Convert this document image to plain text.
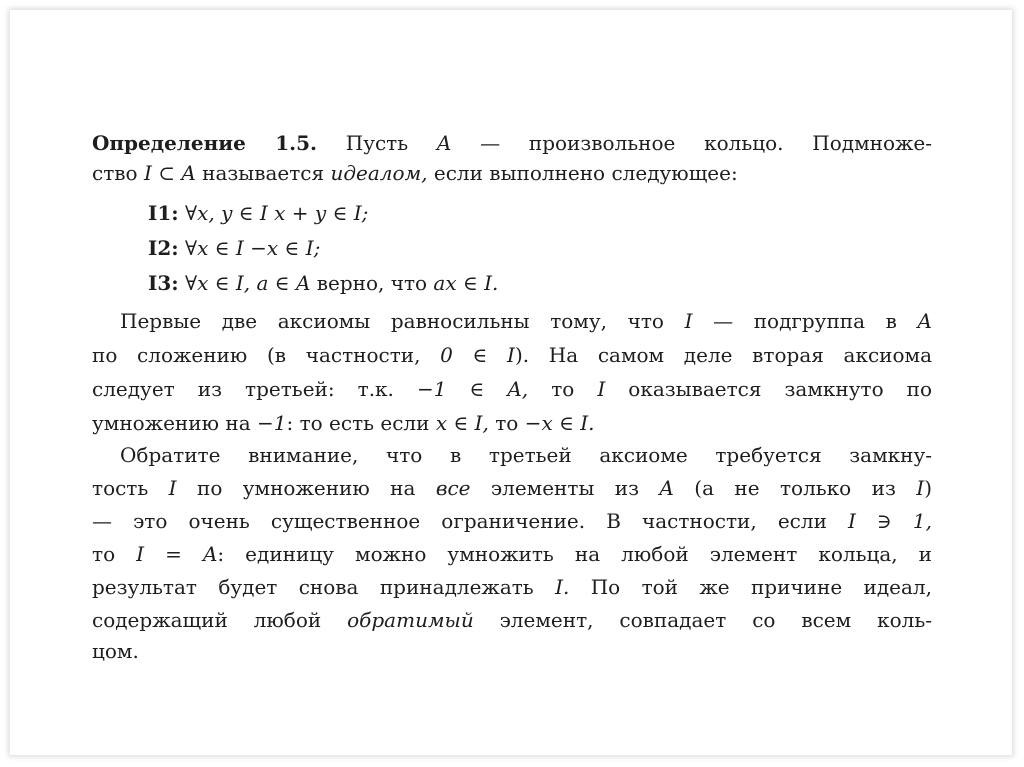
Определение 1.5. Пусть A — произвольное кольцо. Подмноже-
ство I ⊂ A называется идеалом, если выполнено следующее:
I1: ∀x, y ∈ I x + y ∈ I;
I2: ∀x ∈ I −x ∈ I;
I3: ∀x ∈ I, a ∈ A верно, что ax ∈ I.
Первые две аксиомы равносильны тому, что I — подгруппа в A
по сложению (в частности, 0 ∈ I). На самом деле вторая аксиома
следует из третьей: т.к. −1 ∈ A, то I оказывается замкнуто по
умножению на −1: то есть если x ∈ I, то −x ∈ I.
Обратите внимание, что в третьей аксиоме требуется замкну-
тость I по умножению на все элементы из A (а не только из I)
— это очень существенное ограничение. В частности, если I ∋ 1,
то I = A: единицу можно умножить на любой элемент кольца, и
результат будет снова принадлежать I. По той же причине идеал,
содержащий любой обратимый элемент, совпадает со всем коль-
цом.
